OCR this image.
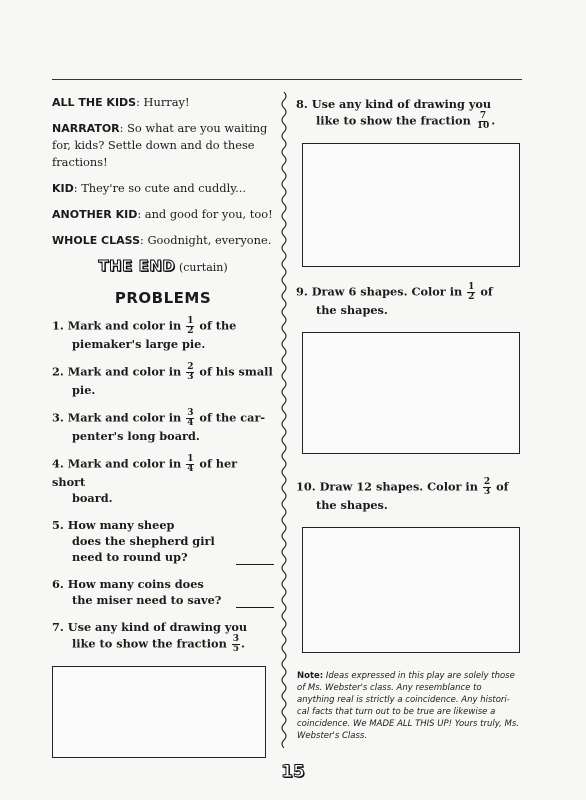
ALL THE KIDS: Hurray!

NARRATOR: So what are you waiting for, kids? Settle down and do these fractions!

KID: They're so cute and cuddly...

ANOTHER KID: and good for you, too!

WHOLE CLASS: Goodnight, everyone.

THE END (curtain)
PROBLEMS
1. Mark and color in $\frac{1}{2}$ of the
piemaker's large pie.
2. Mark and color in $\frac{2}{3}$ of his small
pie.
3. Mark and color in $\frac{3}{4}$ of the car-
penter's long board.
4. Mark and color in $\frac{1}{4}$ of her short
board.
5. How many sheep
does the shepherd girl
need to round up?
6. How many coins does
the miser need to save?
7. Use any kind of drawing you
like to show the fraction $\frac{3}{5}$ .
8. Use any kind of drawing you
like to show the fraction $\frac{7}{10}$ .
9. Draw 6 shapes. Color in $\frac{1}{2}$ of
the shapes.
10. Draw 12 shapes. Color in $\frac{2}{3}$ of
the shapes.
Note: Ideas expressed in this play are solely those of Ms. Webster's class. Any resemblance to anything real is strictly a coincidence. Any historical facts that turn out to be true are likewise a coincidence. We MADE ALL THIS UP! Yours truly, Ms. Webster's Class.
15
